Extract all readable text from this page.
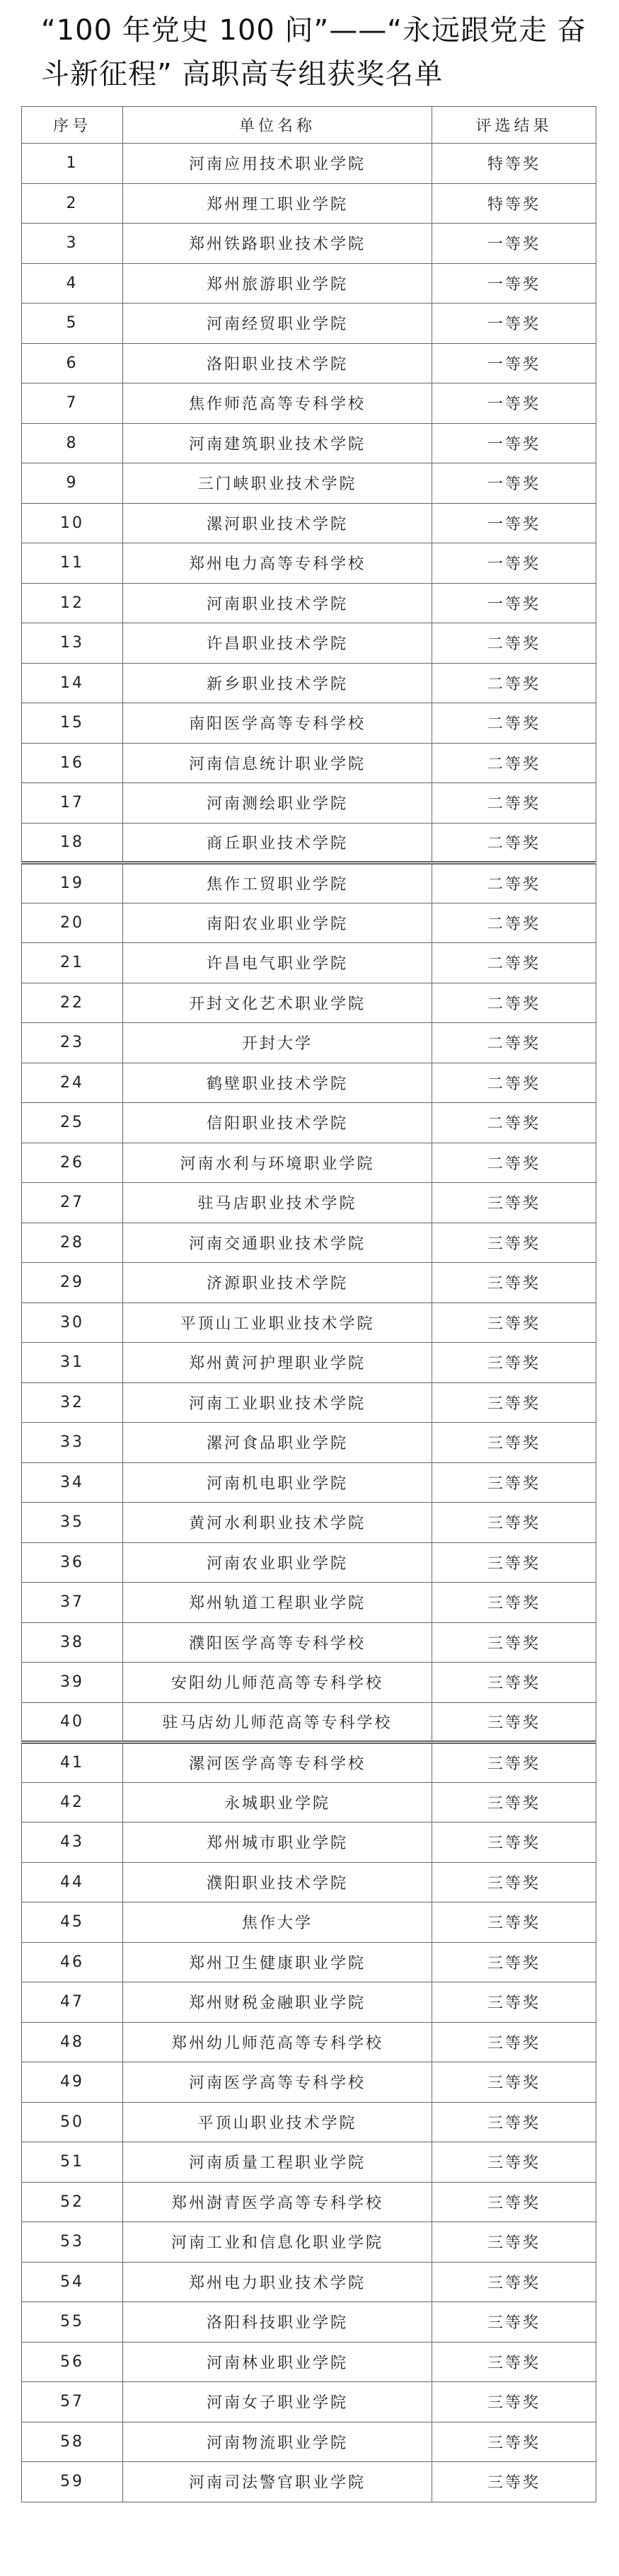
“100 年党史 100 问”——“永远跟党走 奋
斗新征程” 高职高专组获奖名单
序号	单位名称	评选结果
1	河南应用技术职业学院	特等奖
2	郑州理工职业学院	特等奖
3	郑州铁路职业技术学院	一等奖
4	郑州旅游职业学院	一等奖
5	河南经贸职业学院	一等奖
6	洛阳职业技术学院	一等奖
7	焦作师范高等专科学校	一等奖
8	河南建筑职业技术学院	一等奖
9	三门峡职业技术学院	一等奖
10	漯河职业技术学院	一等奖
11	郑州电力高等专科学校	一等奖
12	河南职业技术学院	一等奖
13	许昌职业技术学院	二等奖
14	新乡职业技术学院	二等奖
15	南阳医学高等专科学校	二等奖
16	河南信息统计职业学院	二等奖
17	河南测绘职业学院	二等奖
18	商丘职业技术学院	二等奖
19	焦作工贸职业学院	二等奖
20	南阳农业职业学院	二等奖
21	许昌电气职业学院	二等奖
22	开封文化艺术职业学院	二等奖
23	开封大学	二等奖
24	鹤壁职业技术学院	二等奖
25	信阳职业技术学院	二等奖
26	河南水利与环境职业学院	二等奖
27	驻马店职业技术学院	三等奖
28	河南交通职业技术学院	三等奖
29	济源职业技术学院	三等奖
30	平顶山工业职业技术学院	三等奖
31	郑州黄河护理职业学院	三等奖
32	河南工业职业技术学院	三等奖
33	漯河食品职业学院	三等奖
34	河南机电职业学院	三等奖
35	黄河水利职业技术学院	三等奖
36	河南农业职业学院	三等奖
37	郑州轨道工程职业学院	三等奖
38	濮阳医学高等专科学校	三等奖
39	安阳幼儿师范高等专科学校	三等奖
40	驻马店幼儿师范高等专科学校	三等奖
41	漯河医学高等专科学校	三等奖
42	永城职业学院	三等奖
43	郑州城市职业学院	三等奖
44	濮阳职业技术学院	三等奖
45	焦作大学	三等奖
46	郑州卫生健康职业学院	三等奖
47	郑州财税金融职业学院	三等奖
48	郑州幼儿师范高等专科学校	三等奖
49	河南医学高等专科学校	三等奖
50	平顶山职业技术学院	三等奖
51	河南质量工程职业学院	三等奖
52	郑州澍青医学高等专科学校	三等奖
53	河南工业和信息化职业学院	三等奖
54	郑州电力职业技术学院	三等奖
55	洛阳科技职业学院	三等奖
56	河南林业职业学院	三等奖
57	河南女子职业学院	三等奖
58	河南物流职业学院	三等奖
59	河南司法警官职业学院	三等奖
